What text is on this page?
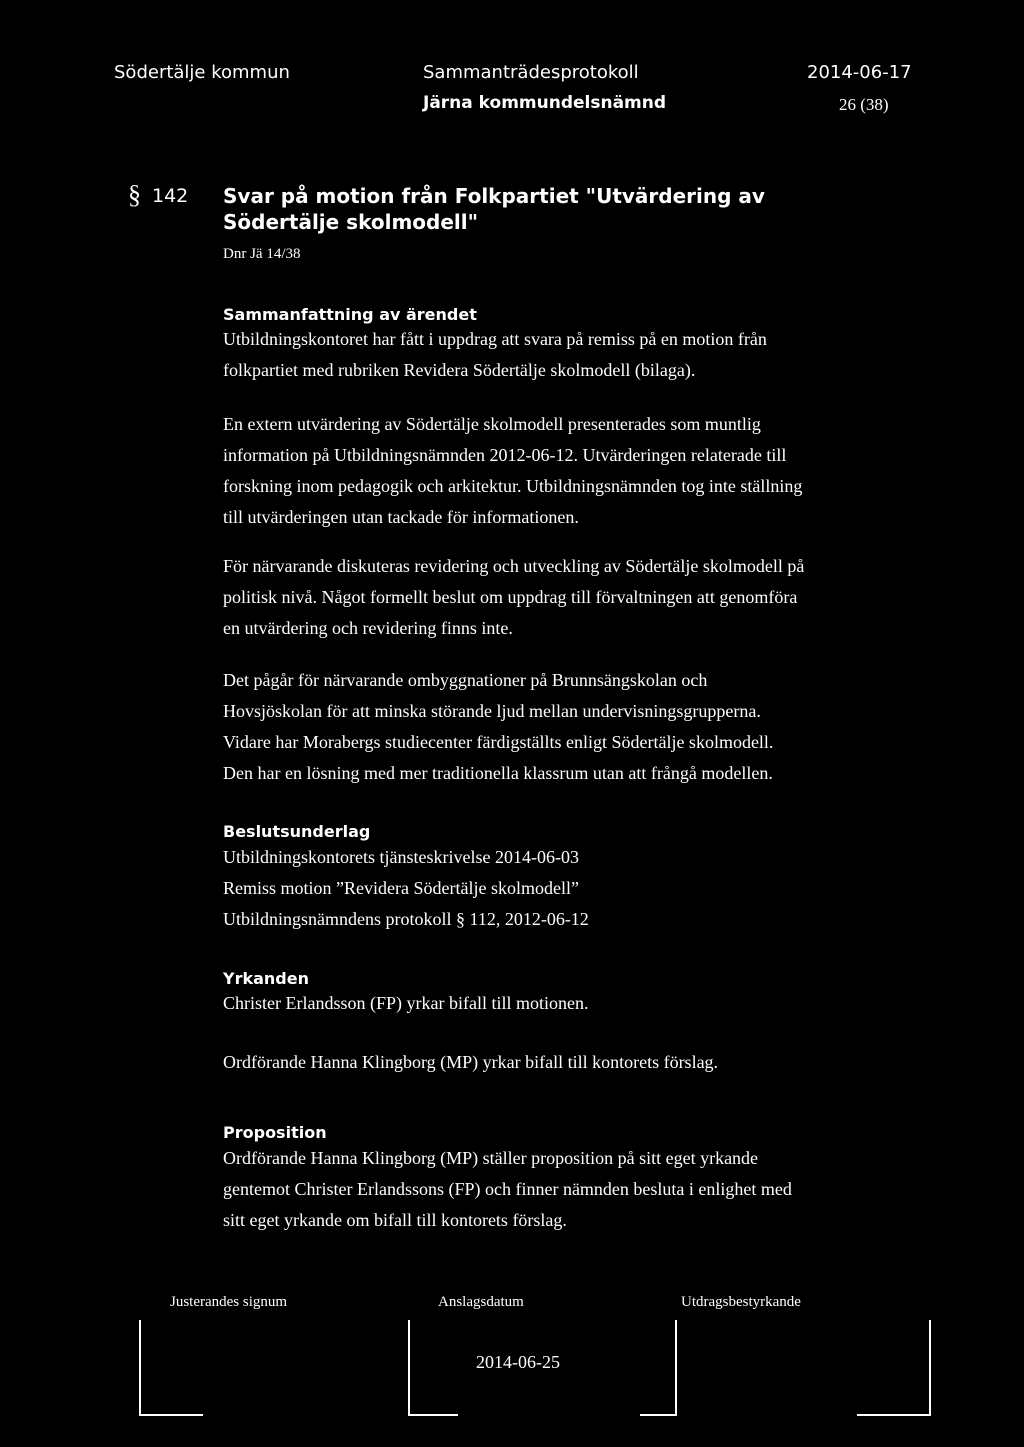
Södertälje kommun	Sammanträdesprotokoll	2014-06-17
Järna kommundelsnämnd	26 (38)
§ 142 Svar på motion från Folkpartiet "Utvärdering av
Södertälje skolmodell"
Dnr Jä 14/38
Sammanfattning av ärendet
Utbildningskontoret har fått i uppdrag att svara på remiss på en motion från
folkpartiet med rubriken Revidera Södertälje skolmodell (bilaga).
En extern utvärdering av Södertälje skolmodell presenterades som muntlig
information på Utbildningsnämnden 2012-06-12. Utvärderingen relaterade till
forskning inom pedagogik och arkitektur. Utbildningsnämnden tog inte ställning
till utvärderingen utan tackade för informationen.
För närvarande diskuteras revidering och utveckling av Södertälje skolmodell på
politisk nivå. Något formellt beslut om uppdrag till förvaltningen att genomföra
en utvärdering och revidering finns inte.
Det pågår för närvarande ombyggnationer på Brunnsängskolan och
Hovsjöskolan för att minska störande ljud mellan undervisningsgrupperna.
Vidare har Morabergs studiecenter färdigställts enligt Södertälje skolmodell.
Den har en lösning med mer traditionella klassrum utan att frångå modellen.
Beslutsunderlag
Utbildningskontorets tjänsteskrivelse 2014-06-03
Remiss motion ”Revidera Södertälje skolmodell”
Utbildningsnämndens protokoll § 112, 2012-06-12
Yrkanden
Christer Erlandsson (FP) yrkar bifall till motionen.
Ordförande Hanna Klingborg (MP) yrkar bifall till kontorets förslag.
Proposition
Ordförande Hanna Klingborg (MP) ställer proposition på sitt eget yrkande
gentemot Christer Erlandssons (FP) och finner nämnden besluta i enlighet med
sitt eget yrkande om bifall till kontorets förslag.
Justerandes signum	Anslagsdatum	Utdragsbestyrkande
2014-06-25
